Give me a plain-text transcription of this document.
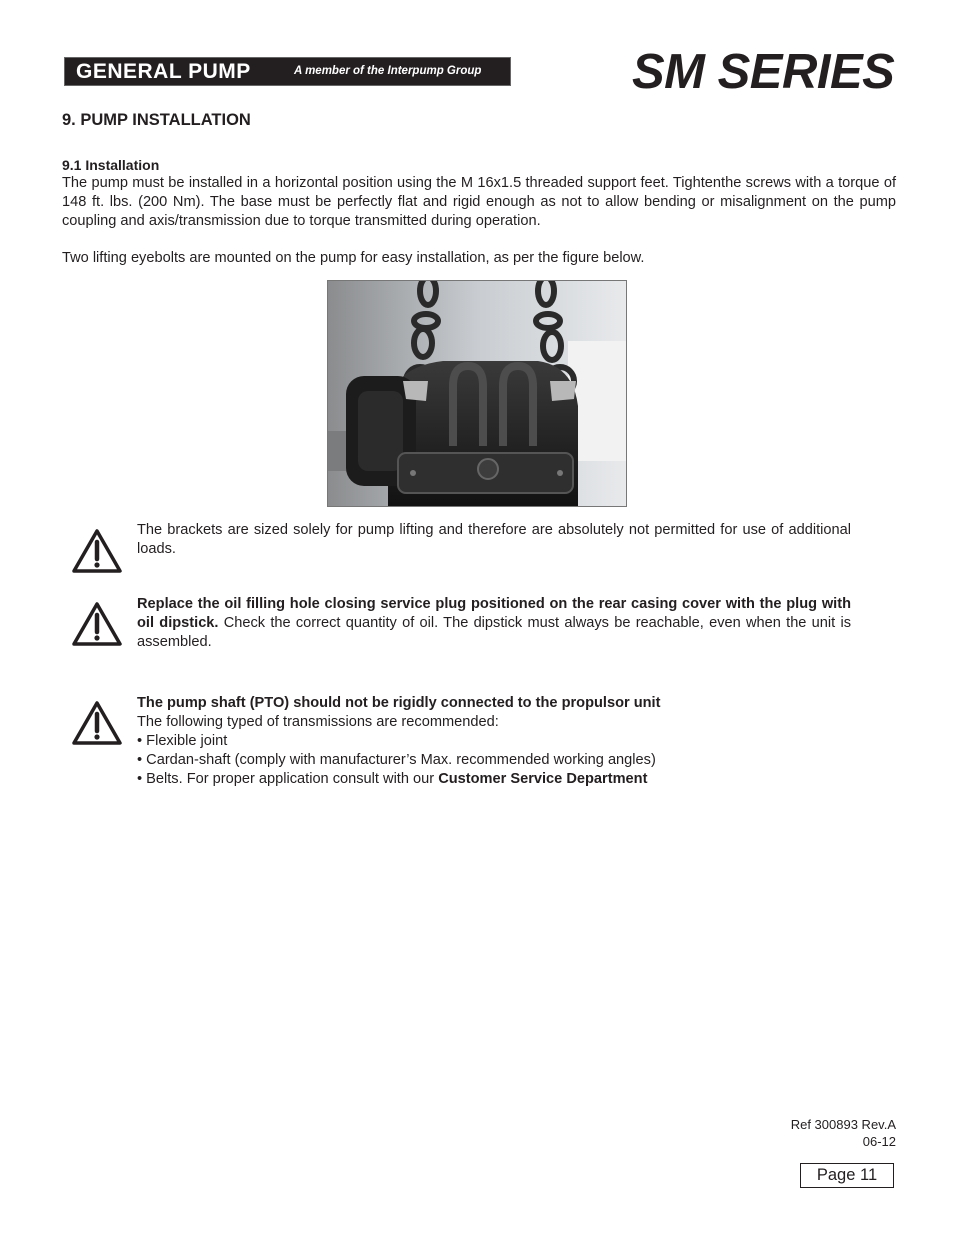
GENERAL PUMP	A member of the Interpump Group	SM SERIES
9. PUMP INSTALLATION
9.1 Installation
The pump must be installed in a horizontal position using the M 16x1.5 threaded support feet. Tightenthe screws with a torque of 148 ft. lbs. (200 Nm). The base must be perfectly flat and rigid enough as not to allow bending or misalignment on the pump coupling and axis/transmission due to torque transmitted during operation.
Two lifting eyebolts are mounted on the pump for easy installation, as per the figure below.
The brackets are sized solely for pump lifting and therefore are absolutely not permitted for use of additional loads.
Replace the oil filling hole closing service plug positioned on the rear casing cover with the plug with oil dipstick. Check the correct quantity of oil. The dipstick must always be reachable, even when the unit is assembled.
The pump shaft (PTO) should not be rigidly connected to the propulsor unit
The following typed of transmissions are recommended:
• Flexible joint
• Cardan-shaft (comply with manufacturer’s Max. recommended working angles)
• Belts. For proper application consult with our Customer Service Department
Ref 300893 Rev.A
06-12
Page 11
